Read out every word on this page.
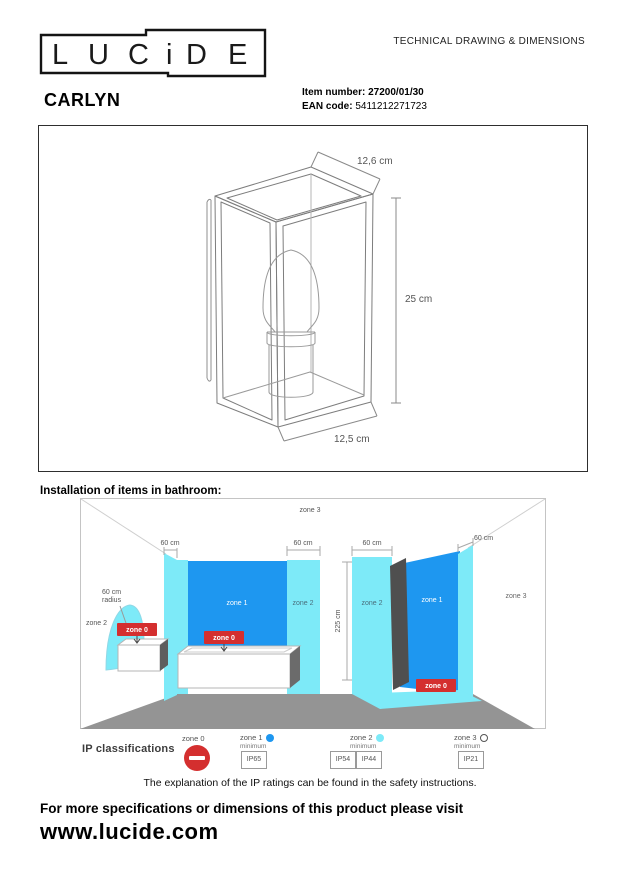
L U C i D E	TECHNICAL DRAWING & DIMENSIONS
CARLYN	Item number: 27200/01/30
EAN code: 5411212271723
12,6 cm
25 cm
12,5 cm
Installation of items in bathroom:
zone 3
60 cm	60 cm	60 cm
60 cm
60 cm
radius
zone 2
zone 3
225 cm
zone 2	zone 2
zone 1	zone 1
zone 0
zone 0
zone 0
IP classifications
zone 0	zone 1
minimum
IP65
zone 2
minimum
IP54	IP44
zone 3
minimum
IP21
The explanation of the IP ratings can be found in the safety instructions.
For more specifications or dimensions of this product please visit
www.lucide.com
